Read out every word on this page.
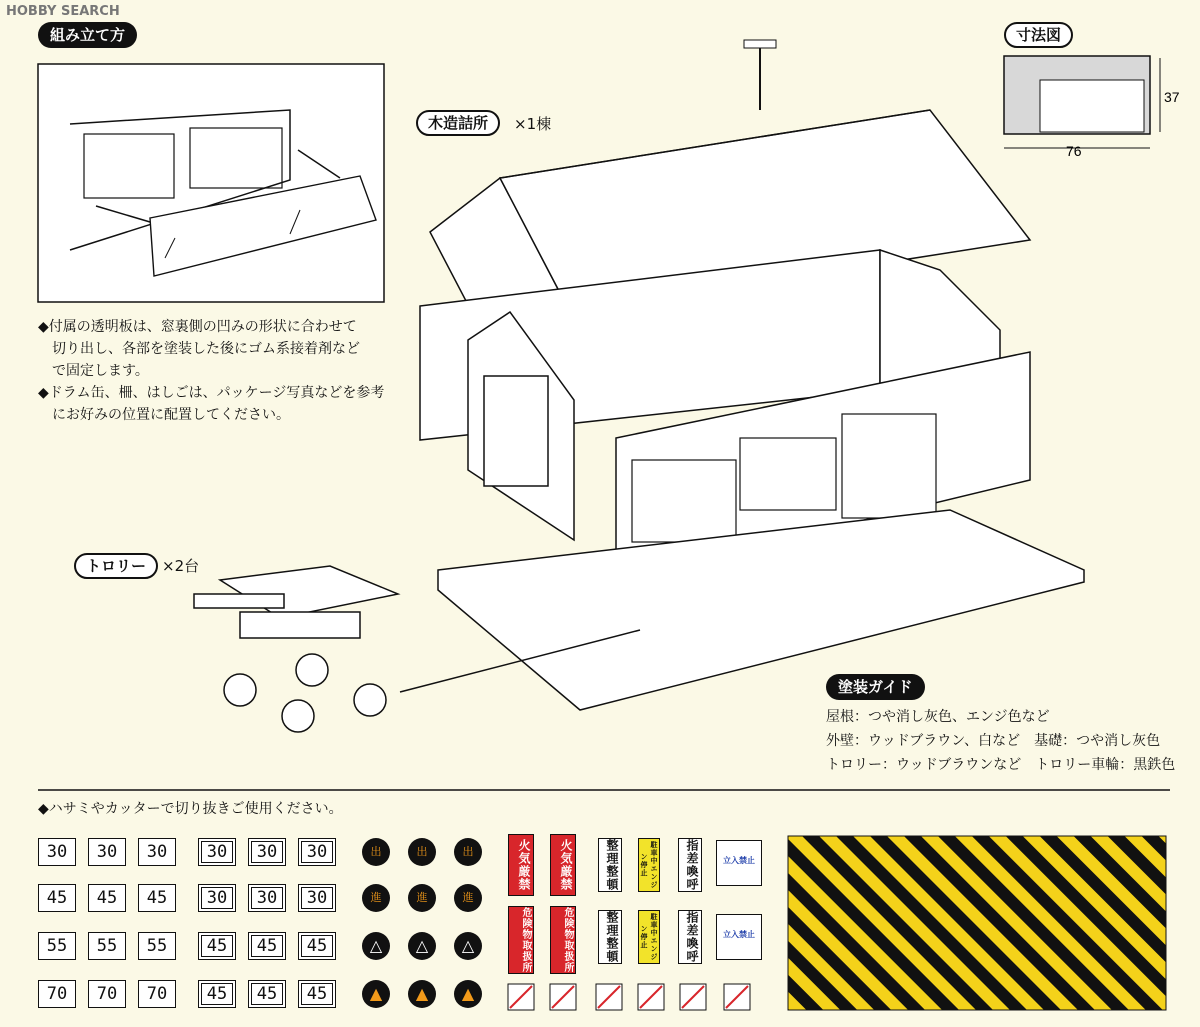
HOBBY SEARCH
組み立て方	寸法図
木造詰所	×1棟
トロリー	×2台
塗装ガイド
◆付属の透明板は、窓裏側の凹みの形状に合わせて
切り出し、各部を塗装した後にゴム系接着剤など
で固定します。
◆ドラム缶、柵、はしごは、パッケージ写真などを参考
にお好みの位置に配置してください。
屋根：つや消し灰色、エンジ色など
外壁：ウッドブラウン、白など　基礎：つや消し灰色
トロリー：ウッドブラウンなど　トロリー車輪：黒鉄色
◆ハサミやカッターで切り抜きご使用ください。
76
37
30	30	30	30	30	30
45	45	45	30	30	30
55	55	55	45	45	45
70	70	70	45	45	45
出	出	出
進	進	進
△	△	△
▲	▲	▲
火気厳禁	火気厳禁	整理整頓	駐車中エンジン停止	指差喚呼	立入禁止
危険物取扱所	危険物取扱所	整理整頓	駐車中エンジン停止	指差喚呼	立入禁止
